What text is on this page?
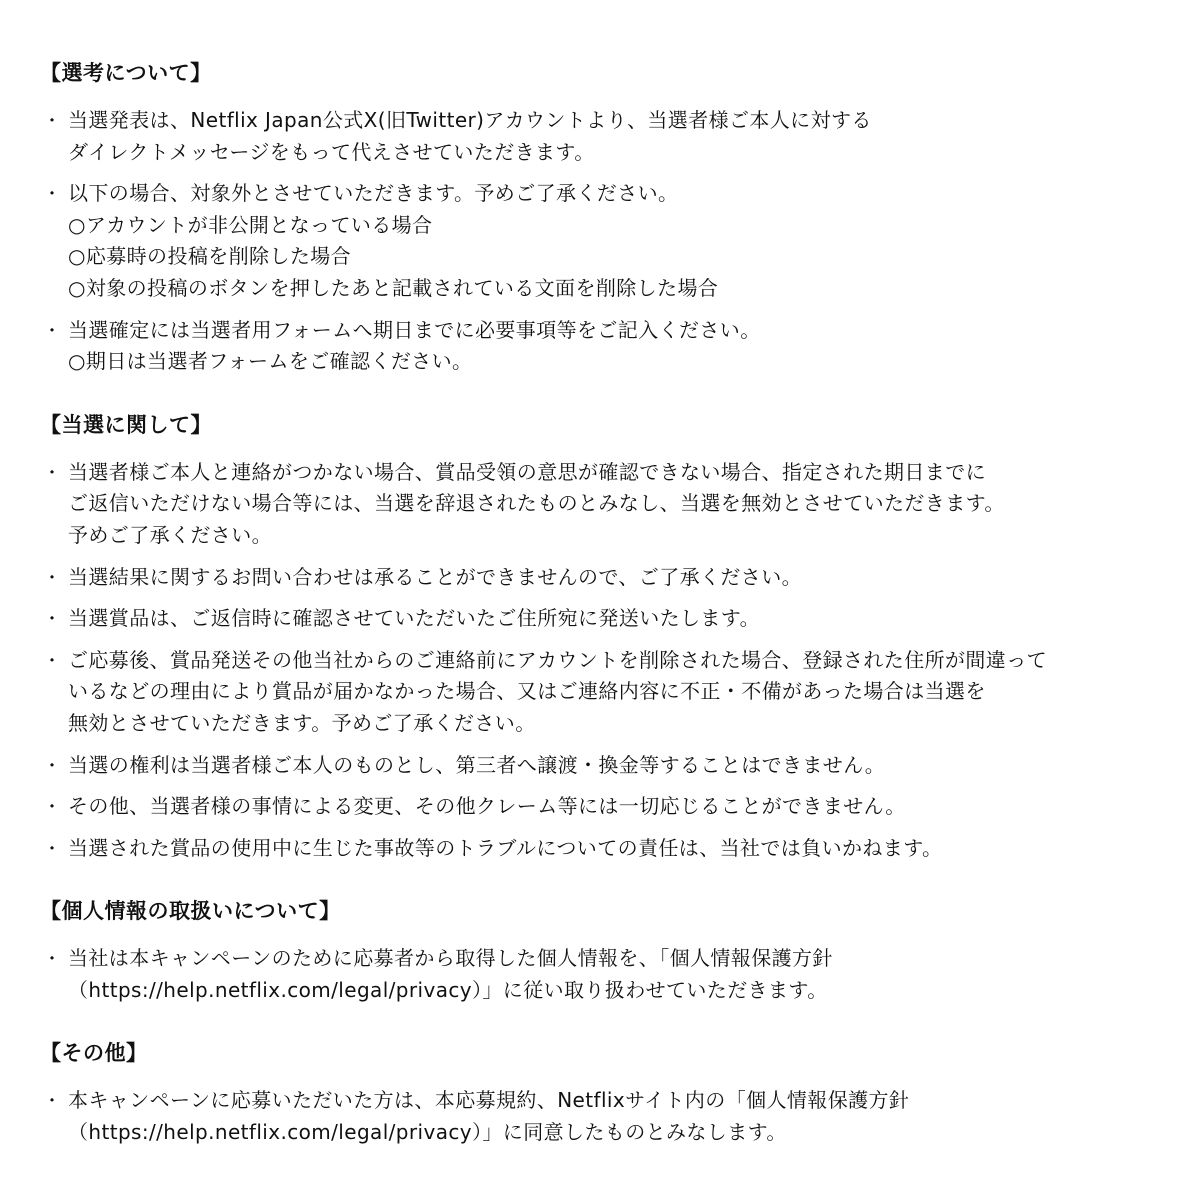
【選考について】
・ 当選発表は、Netflix Japan公式X(旧Twitter)アカウントより、当選者様ご本人に対する
ダイレクトメッセージをもって代えさせていただきます。
・ 以下の場合、対象外とさせていただきます。予めご了承ください。
○アカウントが非公開となっている場合
○応募時の投稿を削除した場合
○対象の投稿のボタンを押したあと記載されている文面を削除した場合
・ 当選確定には当選者用フォームへ期日までに必要事項等をご記入ください。
○期日は当選者フォームをご確認ください。
【当選に関して】
・ 当選者様ご本人と連絡がつかない場合、賞品受領の意思が確認できない場合、指定された期日までに
ご返信いただけない場合等には、当選を辞退されたものとみなし、当選を無効とさせていただきます。
予めご了承ください。
・ 当選結果に関するお問い合わせは承ることができませんので、ご了承ください。
・ 当選賞品は、ご返信時に確認させていただいたご住所宛に発送いたします。
・ ご応募後、賞品発送その他当社からのご連絡前にアカウントを削除された場合、登録された住所が間違って
いるなどの理由により賞品が届かなかった場合、又はご連絡内容に不正・不備があった場合は当選を
無効とさせていただきます。予めご了承ください。
・ 当選の権利は当選者様ご本人のものとし、第三者へ譲渡・換金等することはできません。
・ その他、当選者様の事情による変更、その他クレーム等には一切応じることができません。
・ 当選された賞品の使用中に生じた事故等のトラブルについての責任は、当社では負いかねます。
【個人情報の取扱いについて】
・ 当社は本キャンペーンのために応募者から取得した個人情報を、「個人情報保護方針
（https://help.netflix.com/legal/privacy）」に従い取り扱わせていただきます。
【その他】
・ 本キャンペーンに応募いただいた方は、本応募規約、Netflixサイト内の「個人情報保護方針
（https://help.netflix.com/legal/privacy）」に同意したものとみなします。
